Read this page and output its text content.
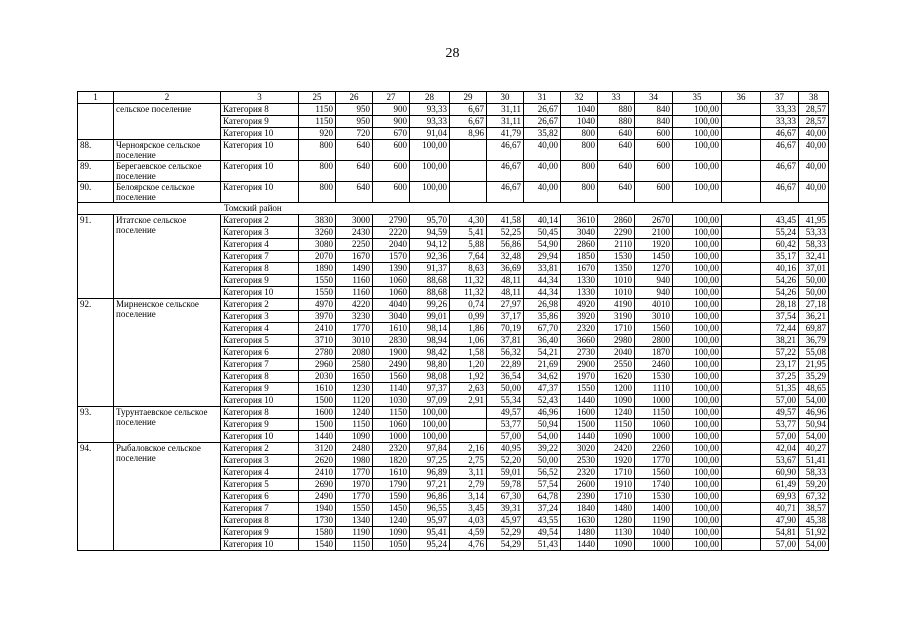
28
1	2	3	25	26	27	28	29	30	31	32	33	34	35	36	37	38
	сельское поселение	Категория 8	1150	950	900	93,33	6,67	31,11	26,67	1040	880	840	100,00		33,33	28,57
		Категория 9	1150	950	900	93,33	6,67	31,11	26,67	1040	880	840	100,00		33,33	28,57
		Категория 10	920	720	670	91,04	8,96	41,79	35,82	800	640	600	100,00		46,67	40,00
88.	Черноярское сельское поселение	Категория 10	800	640	600	100,00		46,67	40,00	800	640	600	100,00		46,67	40,00
89.	Берегаевское сельское поселение	Категория 10	800	640	600	100,00		46,67	40,00	800	640	600	100,00		46,67	40,00
90.	Белоярское сельское поселение	Категория 10	800	640	600	100,00		46,67	40,00	800	640	600	100,00		46,67	40,00
Томский район																
91.	Итатское сельское поселение	Категория 2	3830	3000	2790	95,70	4,30	41,58	40,14	3610	2860	2670	100,00		43,45	41,95
		Категория 3	3260	2430	2220	94,59	5,41	52,25	50,45	3040	2290	2100	100,00		55,24	53,33
		Категория 4	3080	2250	2040	94,12	5,88	56,86	54,90	2860	2110	1920	100,00		60,42	58,33
		Категория 7	2070	1670	1570	92,36	7,64	32,48	29,94	1850	1530	1450	100,00		35,17	32,41
		Категория 8	1890	1490	1390	91,37	8,63	36,69	33,81	1670	1350	1270	100,00		40,16	37,01
		Категория 9	1550	1160	1060	88,68	11,32	48,11	44,34	1330	1010	940	100,00		54,26	50,00
		Категория 10	1550	1160	1060	88,68	11,32	48,11	44,34	1330	1010	940	100,00		54,26	50,00
92.	Мирненское сельское поселение	Категория 2	4970	4220	4040	99,26	0,74	27,97	26,98	4920	4190	4010	100,00		28,18	27,18
		Категория 3	3970	3230	3040	99,01	0,99	37,17	35,86	3920	3190	3010	100,00		37,54	36,21
		Категория 4	2410	1770	1610	98,14	1,86	70,19	67,70	2320	1710	1560	100,00		72,44	69,87
		Категория 5	3710	3010	2830	98,94	1,06	37,81	36,40	3660	2980	2800	100,00		38,21	36,79
		Категория 6	2780	2080	1900	98,42	1,58	56,32	54,21	2730	2040	1870	100,00		57,22	55,08
		Категория 7	2960	2580	2490	98,80	1,20	22,89	21,69	2900	2550	2460	100,00		23,17	21,95
		Категория 8	2030	1650	1560	98,08	1,92	36,54	34,62	1970	1620	1530	100,00		37,25	35,29
		Категория 9	1610	1230	1140	97,37	2,63	50,00	47,37	1550	1200	1110	100,00		51,35	48,65
		Категория 10	1500	1120	1030	97,09	2,91	55,34	52,43	1440	1090	1000	100,00		57,00	54,00
93.	Турунтаевское сельское поселение	Категория 8	1600	1240	1150	100,00		49,57	46,96	1600	1240	1150	100,00		49,57	46,96
		Категория 9	1500	1150	1060	100,00		53,77	50,94	1500	1150	1060	100,00		53,77	50,94
		Категория 10	1440	1090	1000	100,00		57,00	54,00	1440	1090	1000	100,00		57,00	54,00
94.	Рыбаловское сельское поселение	Категория 2	3120	2480	2320	97,84	2,16	40,95	39,22	3020	2420	2260	100,00		42,04	40,27
		Категория 3	2620	1980	1820	97,25	2,75	52,20	50,00	2530	1920	1770	100,00		53,67	51,41
		Категория 4	2410	1770	1610	96,89	3,11	59,01	56,52	2320	1710	1560	100,00		60,90	58,33
		Категория 5	2690	1970	1790	97,21	2,79	59,78	57,54	2600	1910	1740	100,00		61,49	59,20
		Категория 6	2490	1770	1590	96,86	3,14	67,30	64,78	2390	1710	1530	100,00		69,93	67,32
		Категория 7	1940	1550	1450	96,55	3,45	39,31	37,24	1840	1480	1400	100,00		40,71	38,57
		Категория 8	1730	1340	1240	95,97	4,03	45,97	43,55	1630	1280	1190	100,00		47,90	45,38
		Категория 9	1580	1190	1090	95,41	4,59	52,29	49,54	1480	1130	1040	100,00		54,81	51,92
		Категория 10	1540	1150	1050	95,24	4,76	54,29	51,43	1440	1090	1000	100,00		57,00	54,00
